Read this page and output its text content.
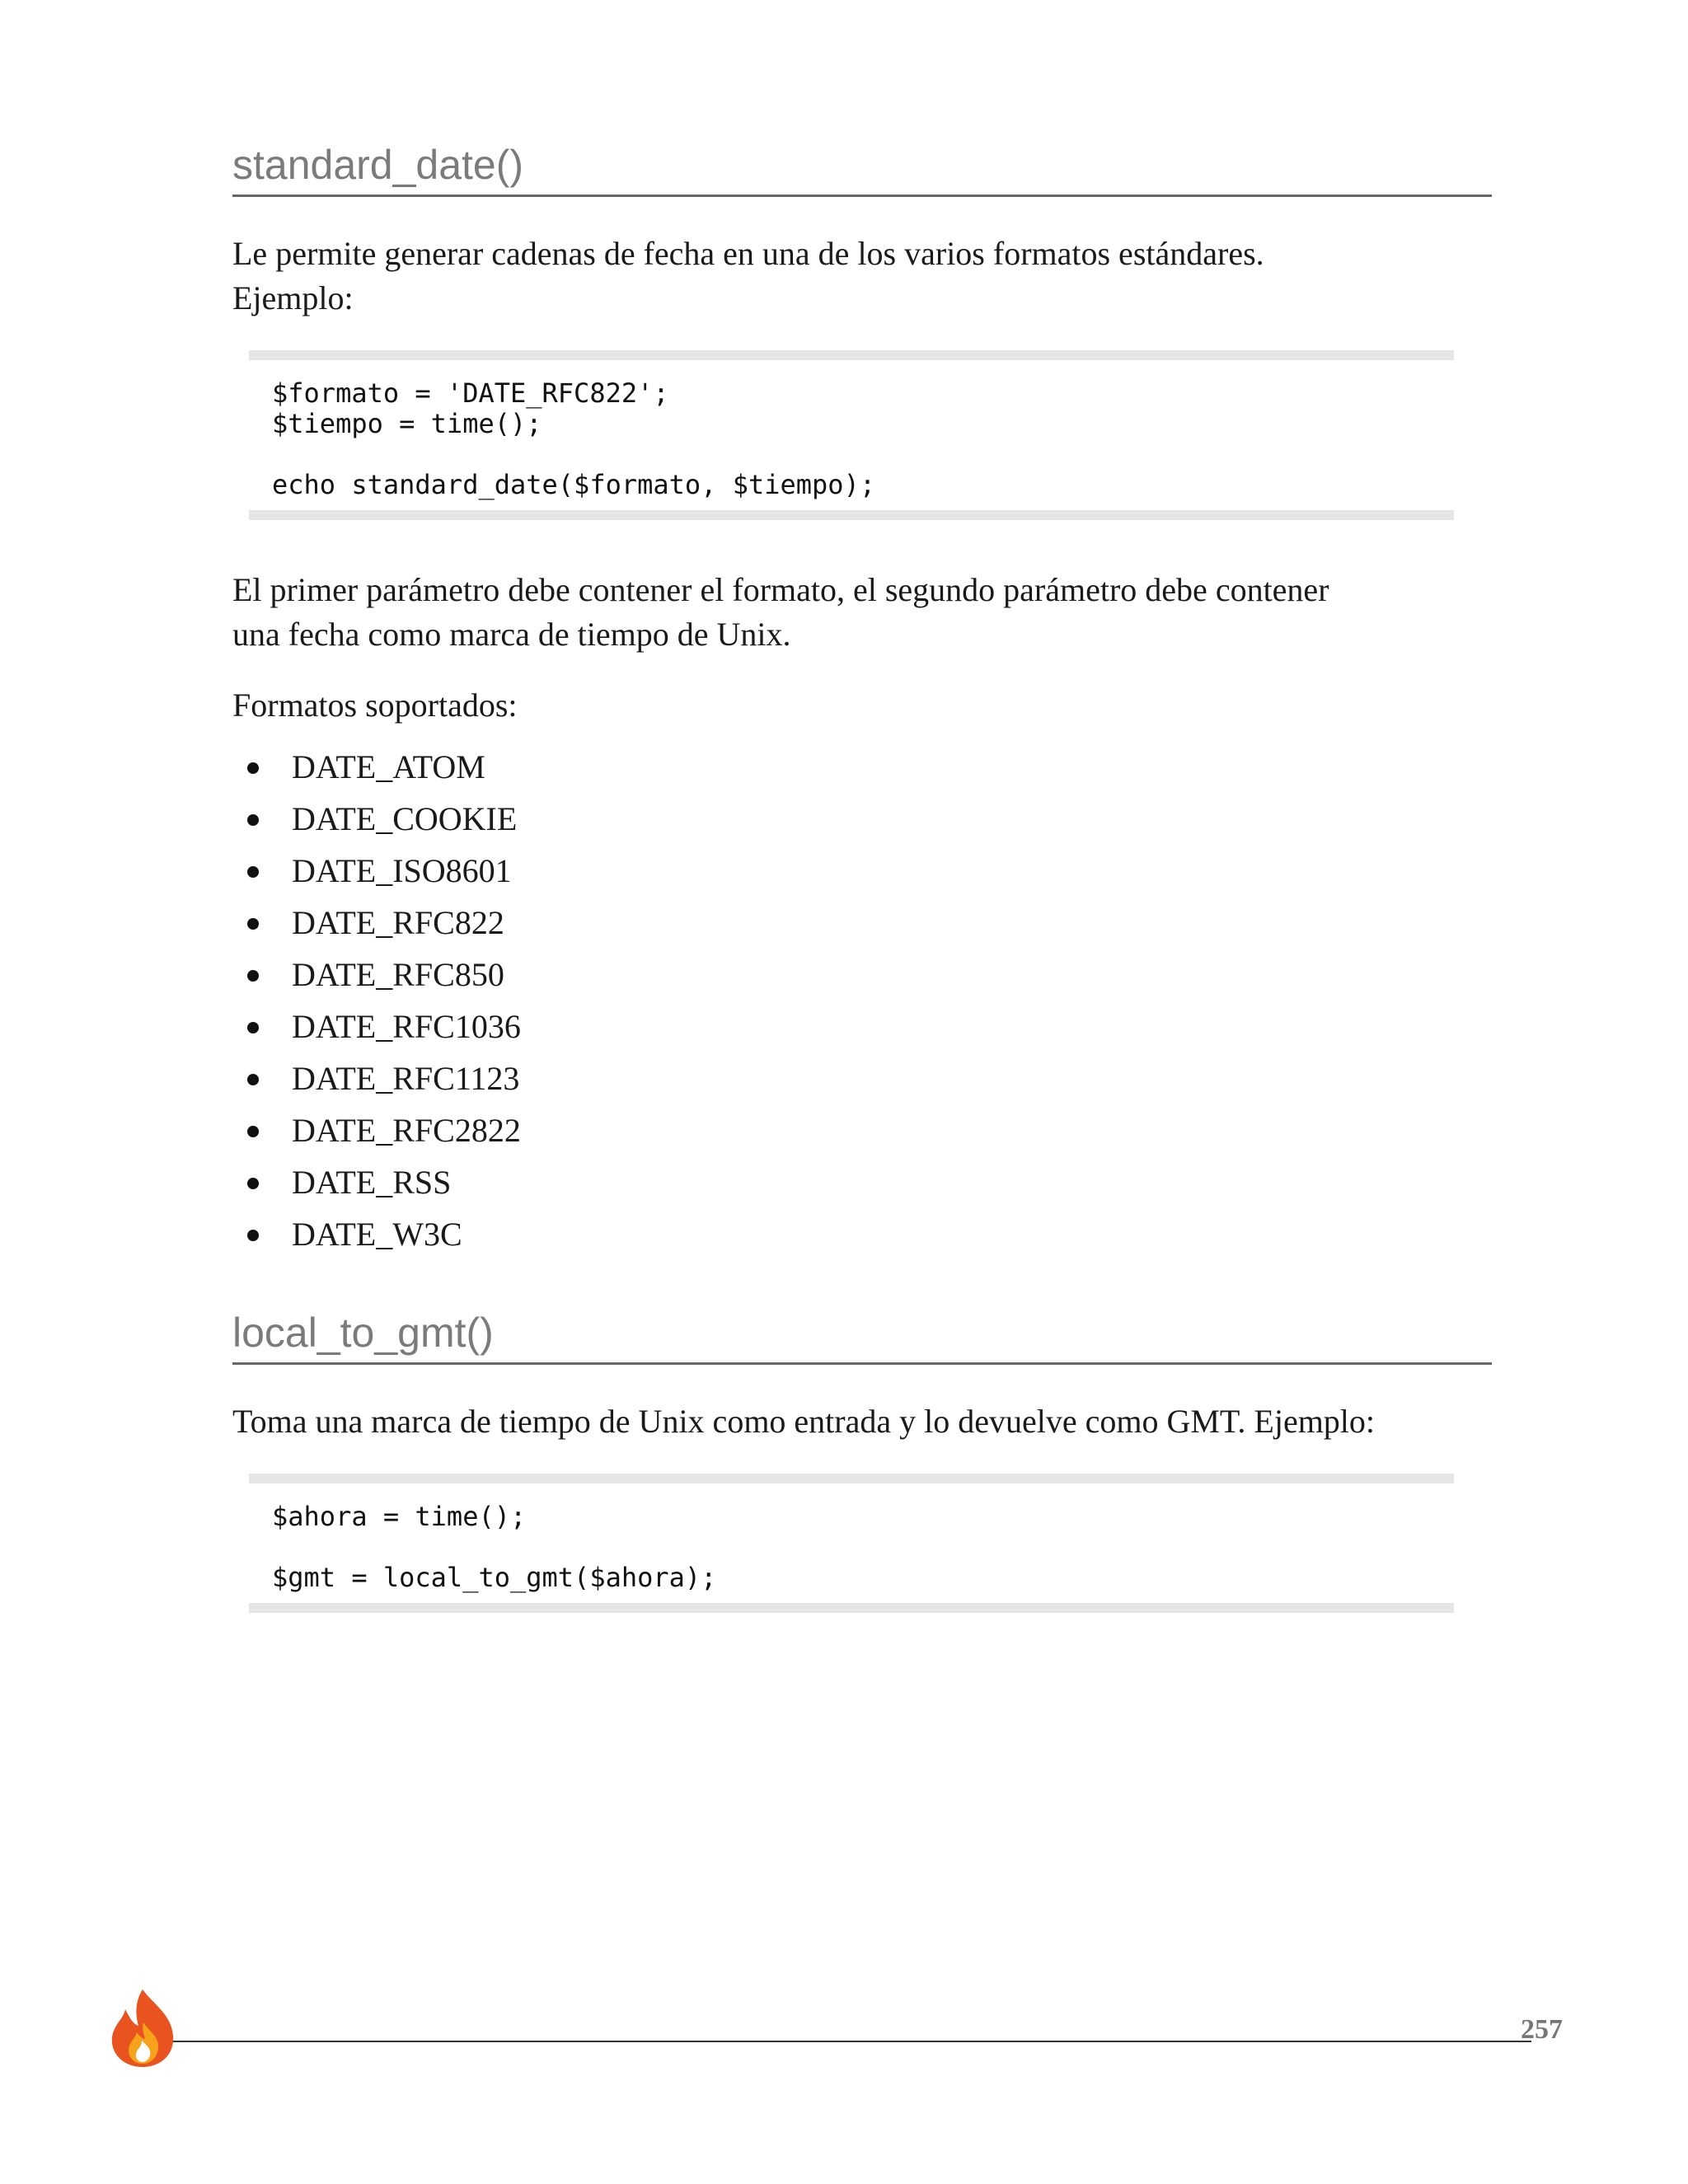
standard_date()

Le permite generar cadenas de fecha en una de los varios formatos estándares.
Ejemplo:

$formato = 'DATE_RFC822';
$tiempo = time();
echo standard_date($formato, $tiempo);

El primer parámetro debe contener el formato, el segundo parámetro debe contener
una fecha como marca de tiempo de Unix.

Formatos soportados:

DATE_ATOM
DATE_COOKIE
DATE_ISO8601
DATE_RFC822
DATE_RFC850
DATE_RFC1036
DATE_RFC1123
DATE_RFC2822
DATE_RSS
DATE_W3C
local_to_gmt()

Toma una marca de tiempo de Unix como entrada y lo devuelve como GMT. Ejemplo:

$ahora = time();
$gmt = local_to_gmt($ahora);
257
